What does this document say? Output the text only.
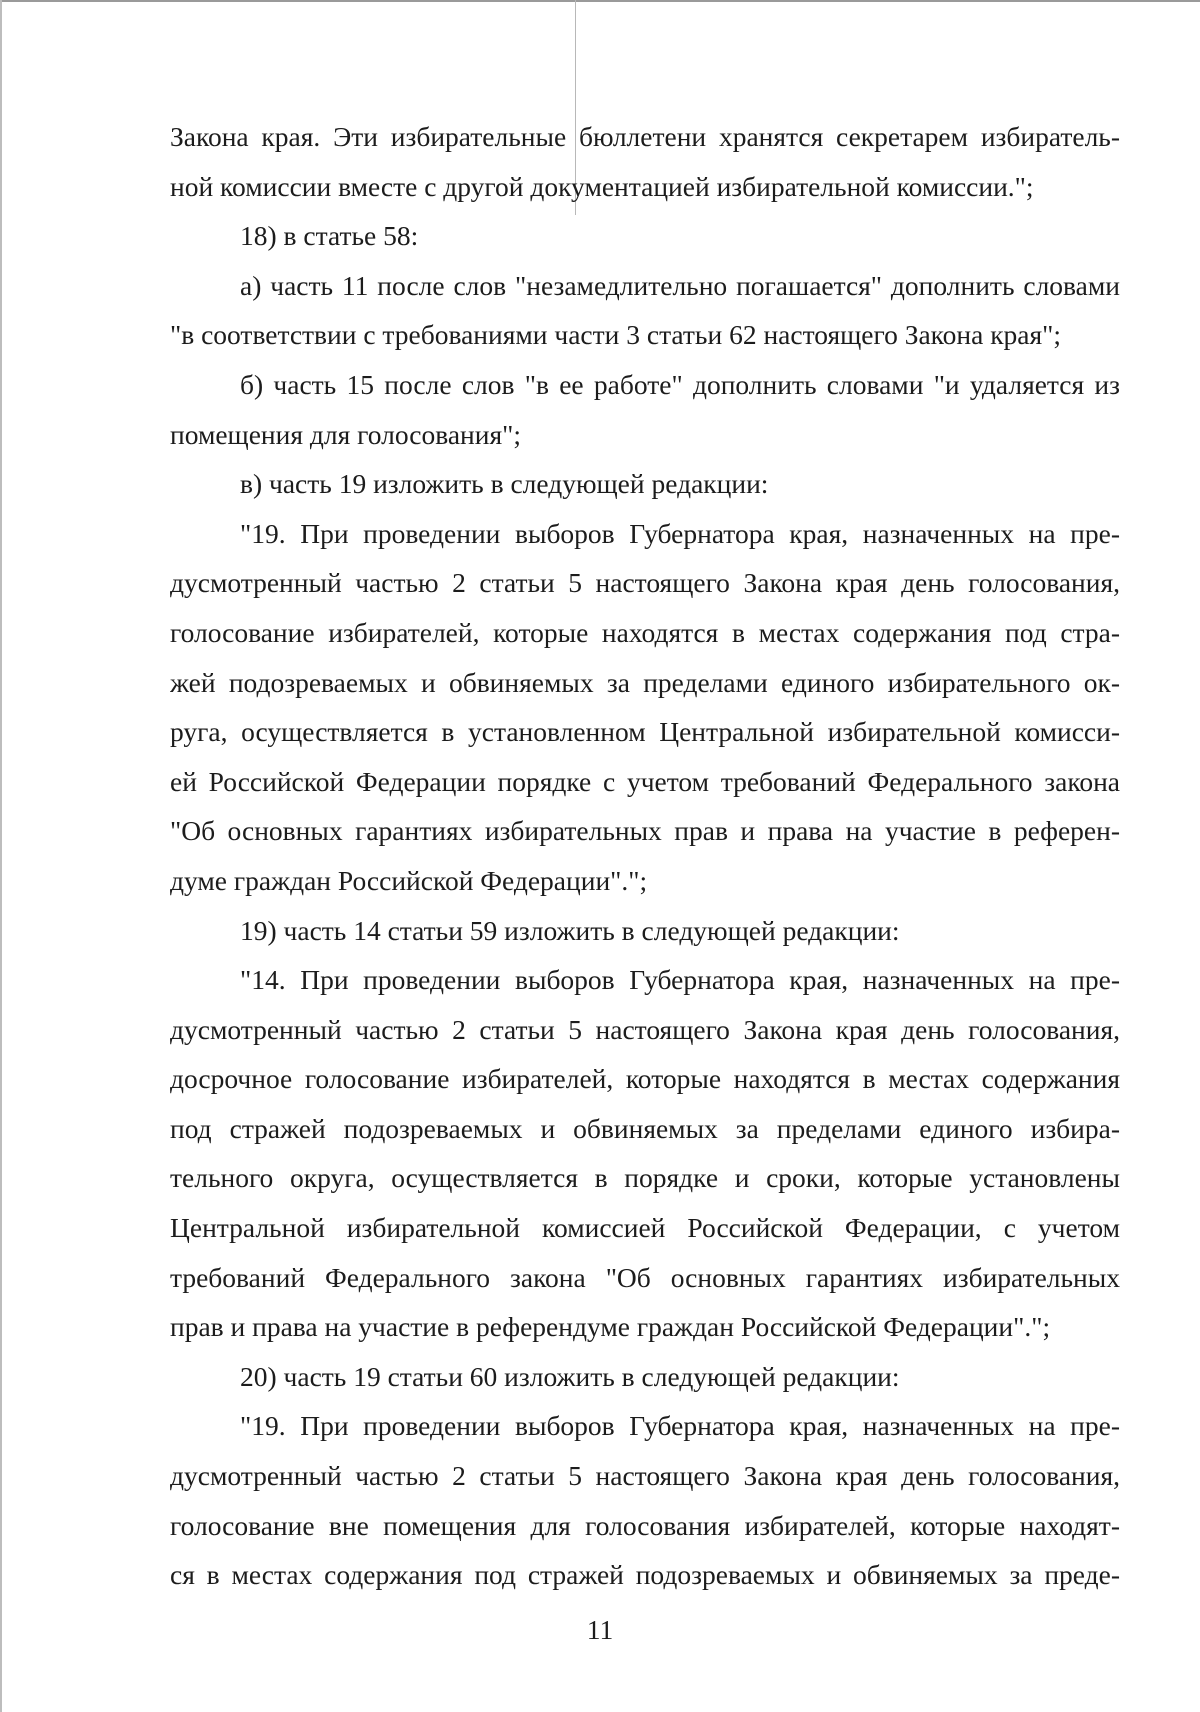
Закона края. Эти избирательные бюллетени хранятся секретарем избиратель-
ной комиссии вместе с другой документацией избирательной комиссии.";
18) в статье 58:
а) часть 11 после слов "незамедлительно погашается" дополнить словами
"в соответствии с требованиями части 3 статьи 62 настоящего Закона края";
б) часть 15 после слов "в ее работе" дополнить словами "и удаляется из
помещения для голосования";
в) часть 19 изложить в следующей редакции:
"19. При проведении выборов Губернатора края, назначенных на пре-
дусмотренный частью 2 статьи 5 настоящего Закона края день голосования,
голосование избирателей, которые находятся в местах содержания под стра-
жей подозреваемых и обвиняемых за пределами единого избирательного ок-
руга, осуществляется в установленном Центральной избирательной комисси-
ей Российской Федерации порядке с учетом требований Федерального закона
"Об основных гарантиях избирательных прав и права на участие в референ-
думе граждан Российской Федерации".";
19) часть 14 статьи 59 изложить в следующей редакции:
"14. При проведении выборов Губернатора края, назначенных на пре-
дусмотренный частью 2 статьи 5 настоящего Закона края день голосования,
досрочное голосование избирателей, которые находятся в местах содержания
под стражей подозреваемых и обвиняемых за пределами единого избира-
тельного округа, осуществляется в порядке и сроки, которые установлены
Центральной избирательной комиссией Российской Федерации, с учетом
требований Федерального закона "Об основных гарантиях избирательных
прав и права на участие в референдуме граждан Российской Федерации".";
20) часть 19 статьи 60 изложить в следующей редакции:
"19. При проведении выборов Губернатора края, назначенных на пре-
дусмотренный частью 2 статьи 5 настоящего Закона края день голосования,
голосование вне помещения для голосования избирателей, которые находят-
ся в местах содержания под стражей подозреваемых и обвиняемых за преде-
11
